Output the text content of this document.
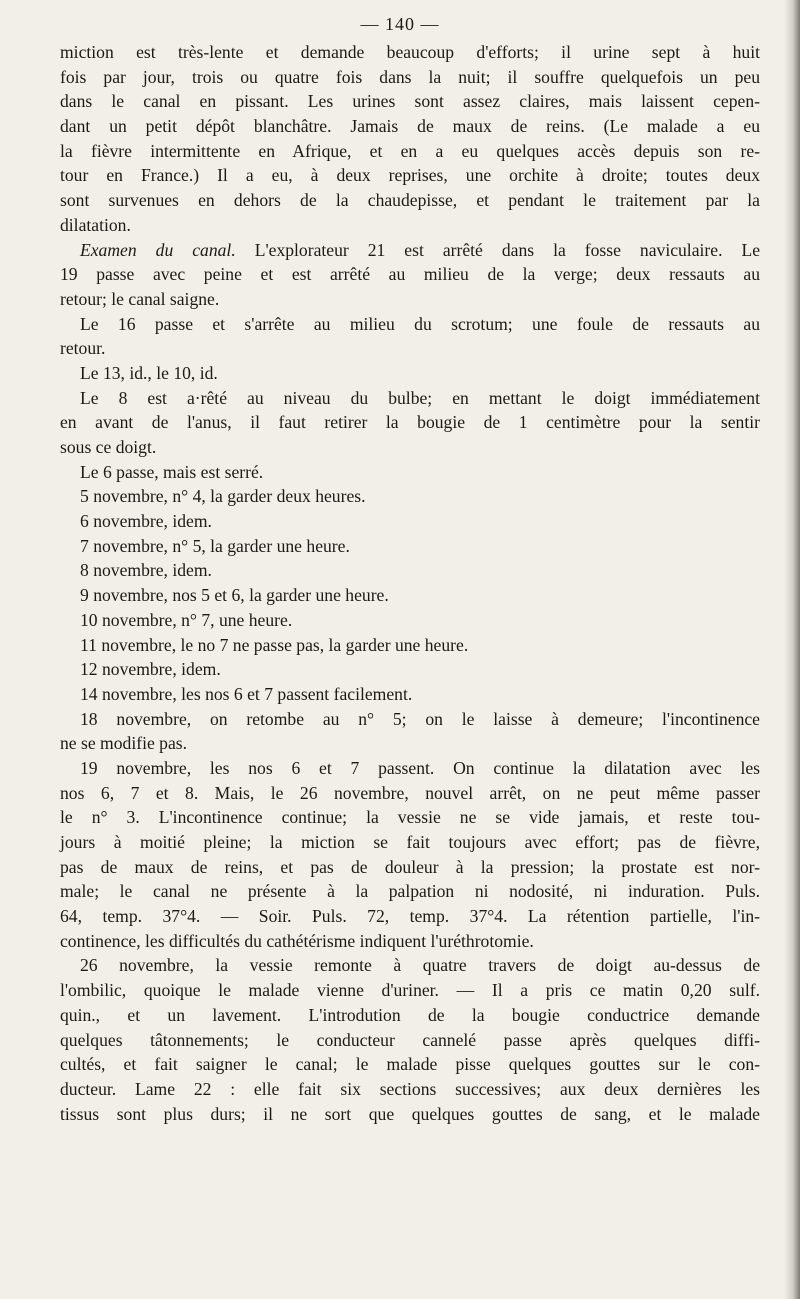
— 140 —
miction est très-lente et demande beaucoup d'efforts; il urine sept à huit
fois par jour, trois ou quatre fois dans la nuit; il souffre quelquefois un peu
dans le canal en pissant. Les urines sont assez claires, mais laissent cepen-
dant un petit dépôt blanchâtre. Jamais de maux de reins. (Le malade a eu
la fièvre intermittente en Afrique, et en a eu quelques accès depuis son re-
tour en France.) Il a eu, à deux reprises, une orchite à droite; toutes deux
sont survenues en dehors de la chaudepisse, et pendant le traitement par la
dilatation.
Examen du canal. L'explorateur 21 est arrêté dans la fosse naviculaire. Le
19 passe avec peine et est arrêté au milieu de la verge; deux ressauts au
retour; le canal saigne.
Le 16 passe et s'arrête au milieu du scrotum; une foule de ressauts au
retour.
Le 13, id., le 10, id.
Le 8 est a·rêté au niveau du bulbe; en mettant le doigt immédiatement
en avant de l'anus, il faut retirer la bougie de 1 centimètre pour la sentir
sous ce doigt.
Le 6 passe, mais est serré.
5 novembre, n° 4, la garder deux heures.
6 novembre, idem.
7 novembre, n° 5, la garder une heure.
8 novembre, idem.
9 novembre, nos 5 et 6, la garder une heure.
10 novembre, n° 7, une heure.
11 novembre, le no 7 ne passe pas, la garder une heure.
12 novembre, idem.
14 novembre, les nos 6 et 7 passent facilement.
18 novembre, on retombe au n° 5; on le laisse à demeure; l'incontinence
ne se modifie pas.
19 novembre, les nos 6 et 7 passent. On continue la dilatation avec les
nos 6, 7 et 8. Mais, le 26 novembre, nouvel arrêt, on ne peut même passer
le n° 3. L'incontinence continue; la vessie ne se vide jamais, et reste tou-
jours à moitié pleine; la miction se fait toujours avec effort; pas de fièvre,
pas de maux de reins, et pas de douleur à la pression; la prostate est nor-
male; le canal ne présente à la palpation ni nodosité, ni induration. Puls.
64, temp. 37°4. — Soir. Puls. 72, temp. 37°4. La rétention partielle, l'in-
continence, les difficultés du cathétérisme indiquent l'uréthrotomie.
26 novembre, la vessie remonte à quatre travers de doigt au-dessus de
l'ombilic, quoique le malade vienne d'uriner. — Il a pris ce matin 0,20 sulf.
quin., et un lavement. L'introdution de la bougie conductrice demande
quelques tâtonnements; le conducteur cannelé passe après quelques diffi-
cultés, et fait saigner le canal; le malade pisse quelques gouttes sur le con-
ducteur. Lame 22 : elle fait six sections successives; aux deux dernières les
tissus sont plus durs; il ne sort que quelques gouttes de sang, et le malade
